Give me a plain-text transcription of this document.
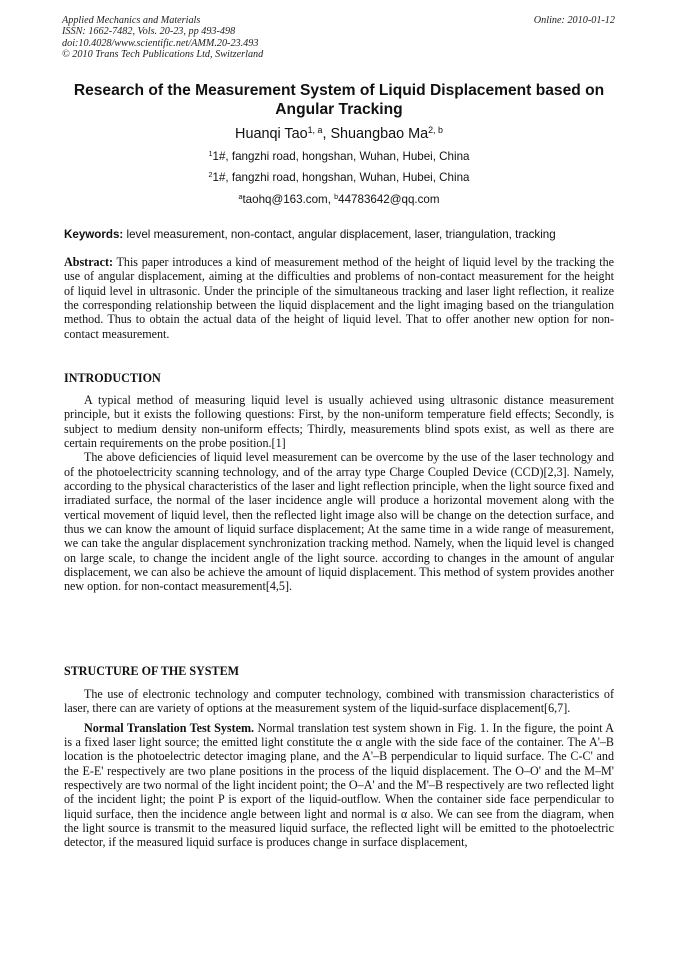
Applied Mechanics and Materials
ISSN: 1662-7482, Vols. 20-23, pp 493-498
doi:10.4028/www.scientific.net/AMM.20-23.493
© 2010 Trans Tech Publications Ltd, Switzerland
Online: 2010-01-12
Research of the Measurement System of Liquid Displacement based on
Angular Tracking
Huanqi Tao$^{1, a}$, Shuangbao Ma$^{2, b}$
$^1$1#, fangzhi road, hongshan, Wuhan, Hubei, China
$^2$1#, fangzhi road, hongshan, Wuhan, Hubei, China
$^a$taohq@163.com, $^b$44783642@qq.com
Keywords: level measurement, non-contact, angular displacement, laser, triangulation, tracking

Abstract: This paper introduces a kind of measurement method of the height of liquid level by the tracking the use of angular displacement, aiming at the difficulties and problems of non-contact measurement for the height of liquid level in ultrasonic. Under the principle of the simultaneous tracking and laser light reflection, it realize the corresponding relationship between the liquid displacement and the light imaging based on the triangulation method. Thus to obtain the actual data of the height of liquid level. That to offer another new option for non-contact measurement.

INTRODUCTION

A typical method of measuring liquid level is usually achieved using ultrasonic distance measurement principle, but it exists the following questions: First, by the non-uniform temperature field effects; Secondly, is subject to medium density non-uniform effects; Thirdly, measurements blind spots exist, as well as there are certain requirements on the probe position.[1]

The above deficiencies of liquid level measurement can be overcome by the use of the laser technology and of the photoelectricity scanning technology, and of the array type Charge Coupled Device (CCD)[2,3]. Namely, according to the physical characteristics of the laser and light reflection principle, when the light source fixed and irradiated surface, the normal of the laser incidence angle will produce a horizontal movement along with the vertical movement of liquid level, then the reflected light image also will be change on the detection surface, and thus we can know the amount of liquid surface displacement; At the same time in a wide range of measurement, we can take the angular displacement synchronization tracking method. Namely, when the liquid level is changed on large scale, to change the incident angle of the light source. according to changes in the amount of angular displacement, we can also be achieve the amount of liquid displacement. This method of system provides another new option. for non-contact measurement[4,5].

STRUCTURE OF THE SYSTEM

The use of electronic technology and computer technology, combined with transmission characteristics of laser, there can are variety of options at the measurement system of the liquid-surface displacement[6,7].

Normal Translation Test System. Normal translation test system shown in Fig. 1. In the figure, the point A is a fixed laser light source; the emitted light constitute the α angle with the side face of the container. The A'–B location is the photoelectric detector imaging plane, and the A'–B perpendicular to liquid surface. The C-C' and the E-E' respectively are two plane positions in the process of the liquid displacement. The O–O' and the M–M' respectively are two normal of the light incident point; the O–A' and the M'–B respectively are two reflected light of the incident light; the point P is export of the liquid-outflow. When the container side face perpendicular to liquid surface, then the incidence angle between light and normal is α also. We can see from the diagram, when the light source is transmit to the measured liquid surface, the reflected light will be emitted to the photoelectric detector, if the measured liquid surface is produces change in surface displacement,
